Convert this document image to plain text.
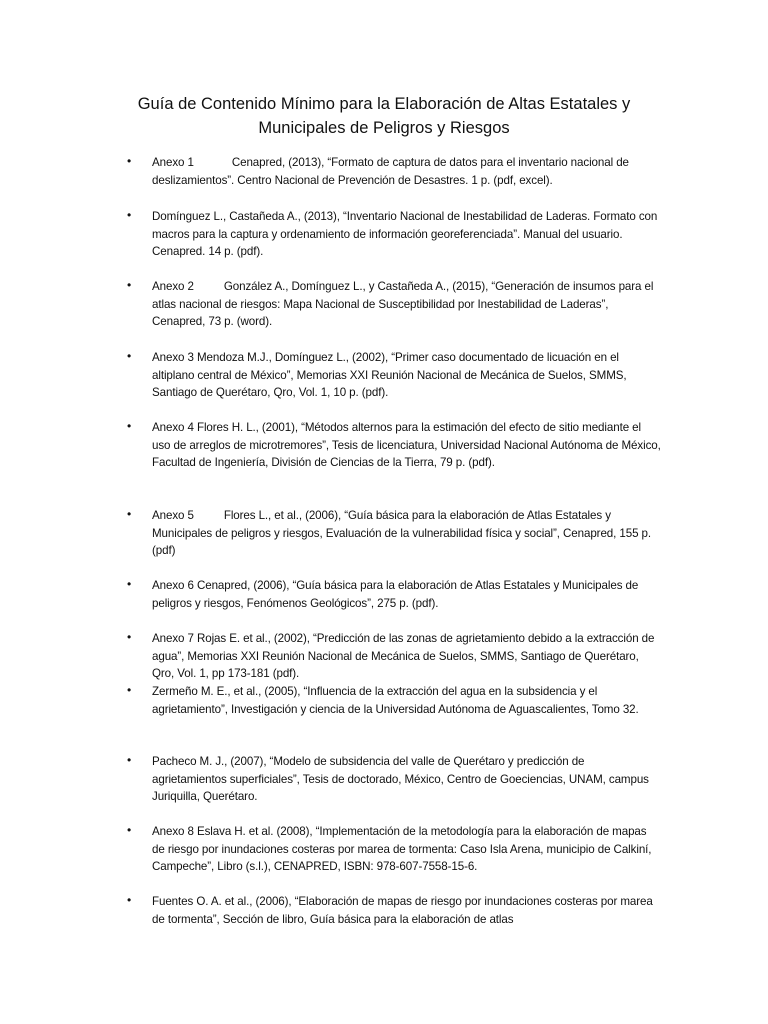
Guía de Contenido Mínimo para la Elaboración de Altas Estatales y
Municipales de Peligros y Riesgos
• Anexo 1	Cenapred, (2013), “Formato de captura de datos para el inventario nacional de deslizamientos”. Centro Nacional de Prevención de Desastres. 1 p. (pdf, excel).
• Domínguez L., Castañeda A., (2013), “Inventario Nacional de Inestabilidad de Laderas. Formato con macros para la captura y ordenamiento de información georeferenciada”. Manual del usuario. Cenapred. 14 p. (pdf).
• Anexo 2	González A., Domínguez L., y Castañeda A., (2015), “Generación de insumos para el atlas nacional de riesgos: Mapa Nacional de Susceptibilidad por Inestabilidad de Laderas”, Cenapred, 73 p. (word).
• Anexo 3 Mendoza M.J., Domínguez L., (2002), “Primer caso documentado de licuación en el altiplano central de México”, Memorias XXI Reunión Nacional de Mecánica de Suelos, SMMS, Santiago de Querétaro, Qro, Vol. 1, 10 p. (pdf).
• Anexo 4 Flores H. L., (2001), “Métodos alternos para la estimación del efecto de sitio mediante el uso de arreglos de microtremores”, Tesis de licenciatura, Universidad Nacional Autónoma de México, Facultad de Ingeniería, División de Ciencias de la Tierra, 79 p. (pdf).
• Anexo 5	Flores L., et al., (2006), “Guía básica para la elaboración de Atlas Estatales y Municipales de peligros y riesgos, Evaluación de la vulnerabilidad física y social”, Cenapred, 155 p. (pdf)
• Anexo 6 Cenapred, (2006), “Guía básica para la elaboración de Atlas Estatales y Municipales de peligros y riesgos, Fenómenos Geológicos”, 275 p. (pdf).
• Anexo 7 Rojas E. et al., (2002), “Predicción de las zonas de agrietamiento debido a la extracción de agua”, Memorias XXI Reunión Nacional de Mecánica de Suelos, SMMS, Santiago de Querétaro, Qro, Vol. 1, pp 173-181 (pdf).
• Zermeño M. E., et al., (2005), “Influencia de la extracción del agua en la subsidencia y el agrietamiento”, Investigación y ciencia de la Universidad Autónoma de Aguascalientes, Tomo 32.
• Pacheco M. J., (2007), “Modelo de subsidencia del valle de Querétaro y predicción de agrietamientos superficiales”, Tesis de doctorado, México, Centro de Goeciencias, UNAM, campus Juriquilla, Querétaro.
• Anexo 8 Eslava H. et al. (2008), “Implementación de la metodología para la elaboración de mapas de riesgo por inundaciones costeras por marea de tormenta: Caso Isla Arena, municipio de Calkiní, Campeche”, Libro (s.l.), CENAPRED, ISBN: 978-607-7558-15-6.
• Fuentes O. A. et al., (2006), “Elaboración de mapas de riesgo por inundaciones costeras por marea de tormenta”, Sección de libro, Guía básica para la elaboración de atlas
